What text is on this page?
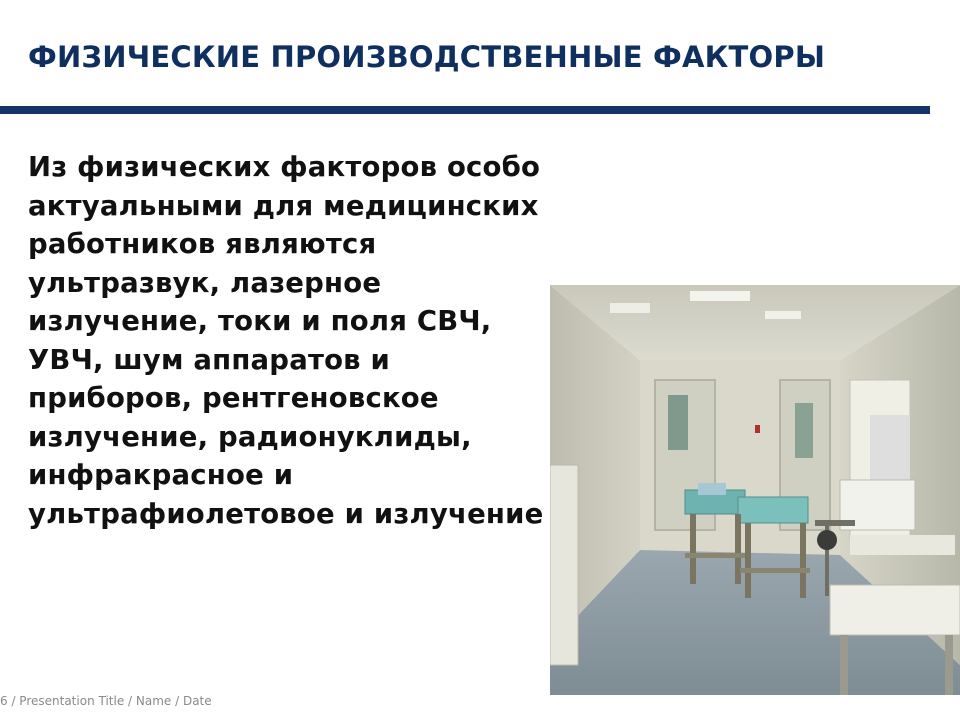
ФИЗИЧЕСКИЕ ПРОИЗВОДСТВЕННЫЕ ФАКТОРЫ
Из физических факторов особо актуальными для медицинских работников являются ультразвук, лазерное излучение, токи и поля СВЧ, УВЧ, шум аппаратов и приборов, рентгеновское излучение, радионуклиды, инфракрасное и ультрафиолетовое и излучение
6 / Presentation Title / Name / Date
